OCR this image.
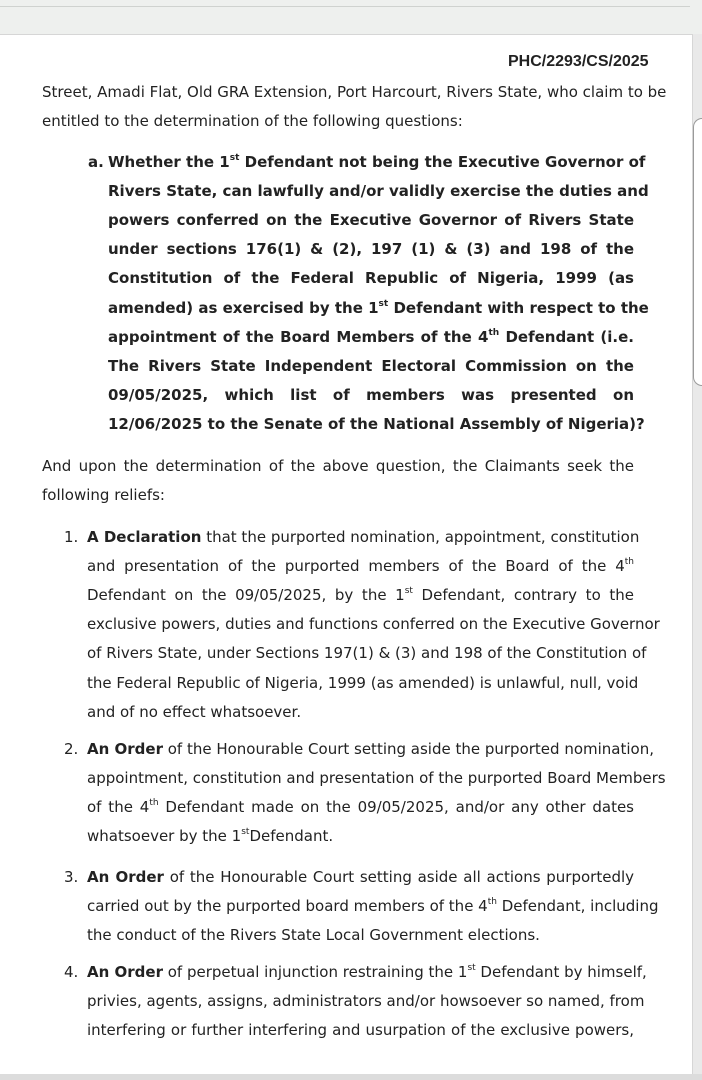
PHC/2293/CS/2025
Street, Amadi Flat, Old GRA Extension, Port Harcourt, Rivers State, who claim to be
entitled to the determination of the following questions:
a.
And upon the determination of the above question, the Claimants seek the
following reliefs:
Whether the 1st Defendant not being the Executive Governor of
Rivers State, can lawfully and/or validly exercise the duties and
powers conferred on the Executive Governor of Rivers State
under sections 176(1) & (2), 197 (1) & (3) and 198 of the
Constitution of the Federal Republic of Nigeria, 1999 (as
amended) as exercised by the 1st Defendant with respect to the
appointment of the Board Members of the 4th Defendant (i.e.
The Rivers State Independent Electoral Commission on the
09/05/2025, which list of members was presented on
12/06/2025 to the Senate of the National Assembly of Nigeria)?
1. A Declaration that the purported nomination, appointment, constitution
and presentation of the purported members of the Board of the 4th
Defendant on the 09/05/2025, by the 1st Defendant, contrary to the
exclusive powers, duties and functions conferred on the Executive Governor
of Rivers State, under Sections 197(1) & (3) and 198 of the Constitution of
the Federal Republic of Nigeria, 1999 (as amended) is unlawful, null, void
and of no effect whatsoever.
2. An Order of the Honourable Court setting aside the purported nomination,
appointment, constitution and presentation of the purported Board Members
of the 4th Defendant made on the 09/05/2025, and/or any other dates
whatsoever by the 1stDefendant.
3. An Order of the Honourable Court setting aside all actions purportedly
carried out by the purported board members of the 4th Defendant, including
the conduct of the Rivers State Local Government elections.
4. An Order of perpetual injunction restraining the 1st Defendant by himself,
privies, agents, assigns, administrators and/or howsoever so named, from
interfering or further interfering and usurpation of the exclusive powers,
